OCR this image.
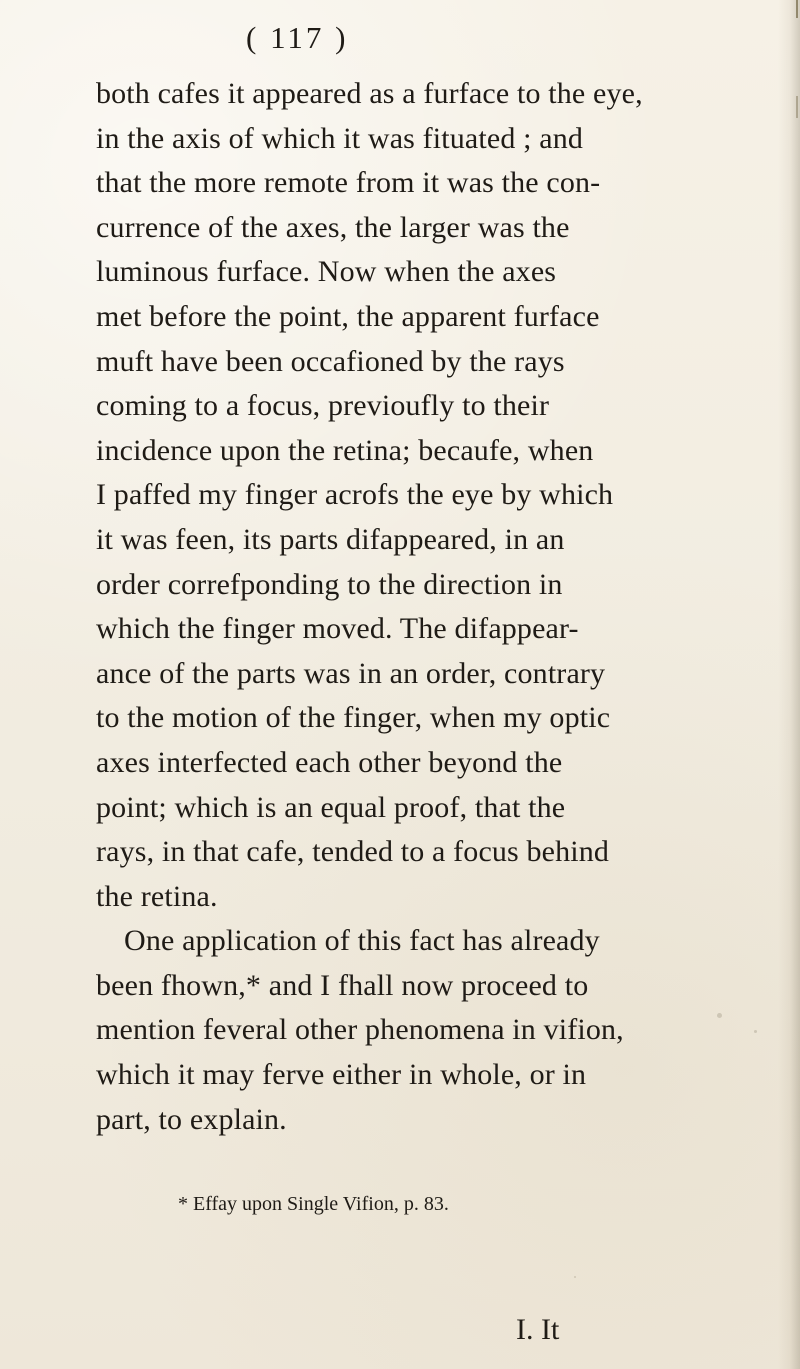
( 117 )
both cafes it appeared as a furface to the eye,
in the axis of which it was fituated ; and
that the more remote from it was the con-
currence of the axes, the larger was the
luminous furface. Now when the axes
met before the point, the apparent furface
muft have been occafioned by the rays
coming to a focus, previoufly to their
incidence upon the retina; becaufe, when
I paffed my finger acrofs the eye by which
it was feen, its parts difappeared, in an
order correfponding to the direction in
which the finger moved. The difappear-
ance of the parts was in an order, contrary
to the motion of the finger, when my optic
axes interfected each other beyond the
point; which is an equal proof, that the
rays, in that cafe, tended to a focus behind
the retina.
One application of this fact has already
been fhown,* and I fhall now proceed to
mention feveral other phenomena in vifion,
which it may ferve either in whole, or in
part, to explain.
* Effay upon Single Vifion, p. 83.
I. It
